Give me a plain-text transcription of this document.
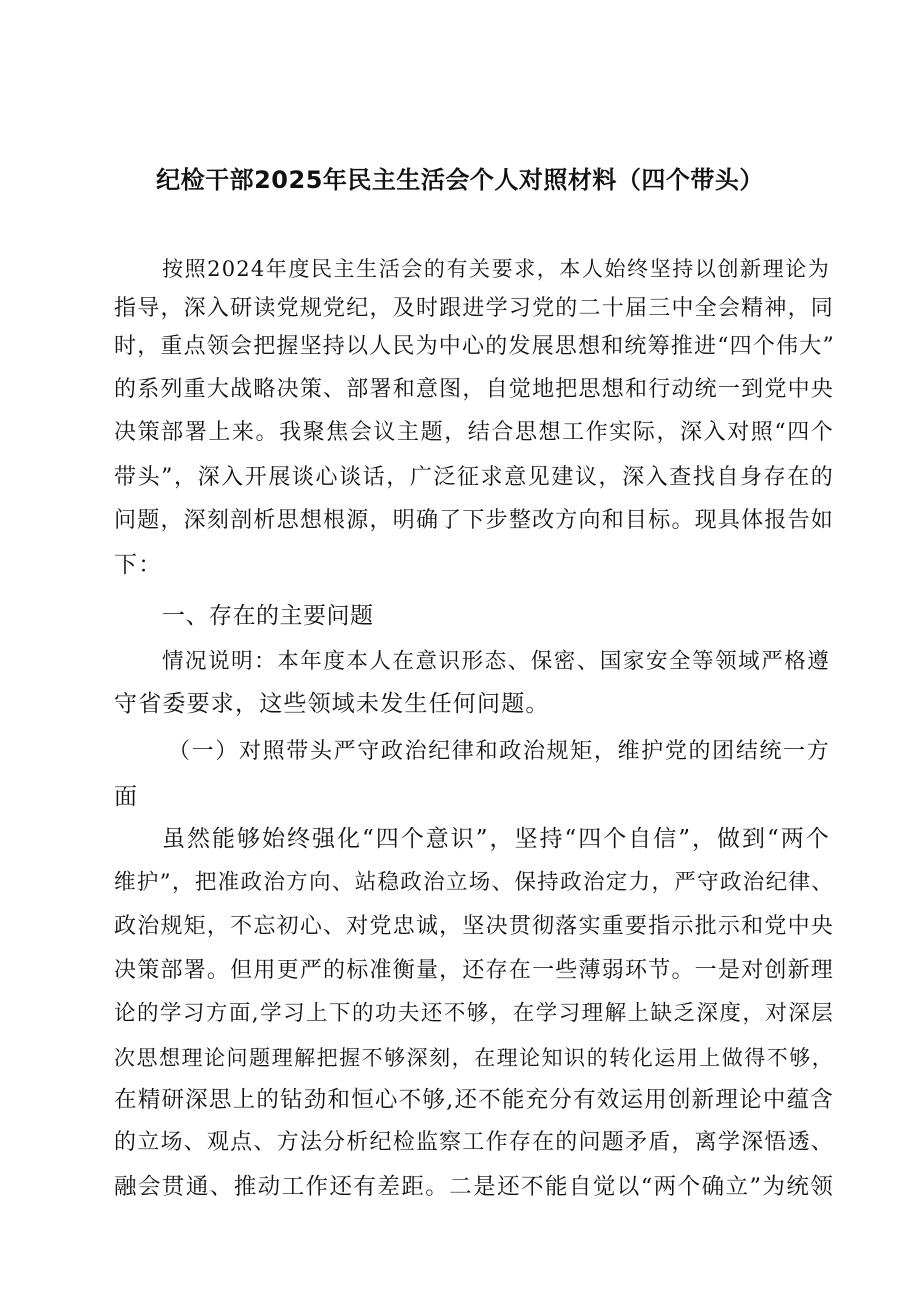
纪检干部2025年民主生活会个人对照材料（四个带头）
按照2024年度民主生活会的有关要求，本人始终坚持以创新理论为
指导，深入研读党规党纪，及时跟进学习党的二十届三中全会精神，同
时，重点领会把握坚持以人民为中心的发展思想和统筹推进“四个伟大”
的系列重大战略决策、部署和意图，自觉地把思想和行动统一到党中央
决策部署上来。我聚焦会议主题，结合思想工作实际，深入对照“四个
带头”，深入开展谈心谈话，广泛征求意见建议，深入查找自身存在的
问题，深刻剖析思想根源，明确了下步整改方向和目标。现具体报告如
下：
一、存在的主要问题
情况说明：本年度本人在意识形态、保密、国家安全等领域严格遵
守省委要求，这些领域未发生任何问题。
（一）对照带头严守政治纪律和政治规矩，维护党的团结统一方
面
虽然能够始终强化“四个意识”，坚持“四个自信”，做到“两个
维护”，把准政治方向、站稳政治立场、保持政治定力，严守政治纪律、
政治规矩，不忘初心、对党忠诚，坚决贯彻落实重要指示批示和党中央
决策部署。但用更严的标准衡量，还存在一些薄弱环节。一是对创新理
论的学习方面,学习上下的功夫还不够，在学习理解上缺乏深度，对深层
次思想理论问题理解把握不够深刻，在理论知识的转化运用上做得不够，
在精研深思上的钻劲和恒心不够,还不能充分有效运用创新理论中蕴含
的立场、观点、方法分析纪检监察工作存在的问题矛盾，离学深悟透、
融会贯通、推动工作还有差距。二是还不能自觉以“两个确立”为统领
